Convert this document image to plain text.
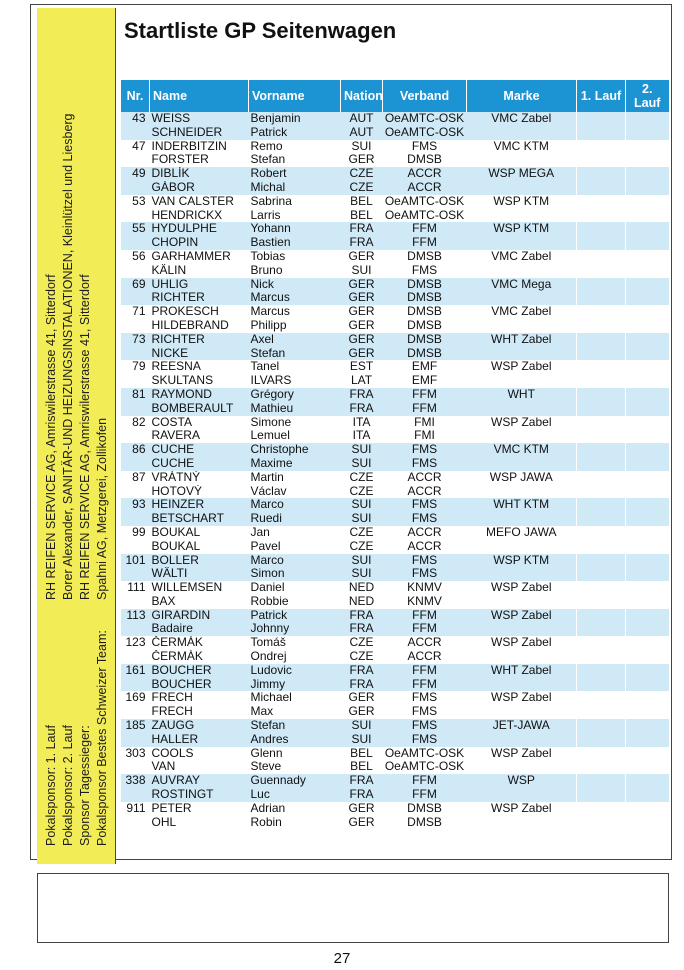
Pokalsponsor: 1. Lauf
RH REIFEN SERVICE AG, Amriswilerstrasse 41, Sitterdorf
Pokalsponsor: 2. Lauf
Borer Alexander, SANITÄR-UND HEIZUNGSINSTALATIONEN, Kleinlützel und Liesberg
Sponsor Tagessieger:
RH REIFEN SERVICE AG, Amriswilerstrasse 41, Sitterdorf
Pokalsponsor Bestes Schweizer Team:
Spahni AG, Metzgerei, Zollikofen
Startliste GP Seitenwagen
Nr.	Name	Vorname	Nation	Verband	Marke	1. Lauf	2. Lauf
43	WEISS	Benjamin	AUT	OeAMTC-OSK	VMC Zabel		
	SCHNEIDER	Patrick	AUT	OeAMTC-OSK			
47	INDERBITZIN	Remo	SUI	FMS	VMC KTM		
	FORSTER	Stefan	GER	DMSB			
49	DIBLÍK	Robert	CZE	ACCR	WSP MEGA		
	GÁBOR	Michal	CZE	ACCR			
53	VAN CALSTER	Sabrina	BEL	OeAMTC-OSK	WSP KTM		
	HENDRICKX	Larris	BEL	OeAMTC-OSK			
55	HYDULPHE	Yohann	FRA	FFM	WSP KTM		
	CHOPIN	Bastien	FRA	FFM			
56	GARHAMMER	Tobias	GER	DMSB	VMC Zabel		
	KÄLIN	Bruno	SUI	FMS			
69	UHLIG	Nick	GER	DMSB	VMC Mega		
	RICHTER	Marcus	GER	DMSB			
71	PROKESCH	Marcus	GER	DMSB	VMC Zabel		
	HILDEBRAND	Philipp	GER	DMSB			
73	RICHTER	Axel	GER	DMSB	WHT Zabel		
	NICKE	Stefan	GER	DMSB			
79	REESNA	Tanel	EST	EMF	WSP Zabel		
	SKULTANS	ILVARS	LAT	EMF			
81	RAYMOND	Grégory	FRA	FFM	WHT		
	BOMBERAULT	Mathieu	FRA	FFM			
82	COSTA	Simone	ITA	FMI	WSP Zabel		
	RAVERA	Lemuel	ITA	FMI			
86	CUCHE	Christophe	SUI	FMS	VMC KTM		
	CUCHE	Maxime	SUI	FMS			
87	VRÁTNÝ	Martin	CZE	ACCR	WSP JAWA		
	HOTOVÝ	Václav	CZE	ACCR			
93	HEINZER	Marco	SUI	FMS	WHT KTM		
	BETSCHART	Ruedi	SUI	FMS			
99	BOUKAL	Jan	CZE	ACCR	MEFO JAWA		
	BOUKAL	Pavel	CZE	ACCR			
101	BOLLER	Marco	SUI	FMS	WSP KTM		
	WÄLTI	Simon	SUI	FMS			
111	WILLEMSEN	Daniel	NED	KNMV	WSP Zabel		
	BAX	Robbie	NED	KNMV			
113	GIRARDIN	Patrick	FRA	FFM	WSP Zabel		
	Badaire	Johnny	FRA	FFM			
123	ČERMÁK	Tomáš	CZE	ACCR	WSP Zabel		
	ČERMÁK	Ondrej	CZE	ACCR			
161	BOUCHER	Ludovic	FRA	FFM	WHT Zabel		
	BOUCHER	Jimmy	FRA	FFM			
169	FRECH	Michael	GER	FMS	WSP Zabel		
	FRECH	Max	GER	FMS			
185	ZAUGG	Stefan	SUI	FMS	JET-JAWA		
	HALLER	Andres	SUI	FMS			
303	COOLS	Glenn	BEL	OeAMTC-OSK	WSP Zabel		
	VAN	Steve	BEL	OeAMTC-OSK			
338	AUVRAY	Guennady	FRA	FFM	WSP		
	ROSTINGT	Luc	FRA	FFM			
911	PETER	Adrian	GER	DMSB	WSP Zabel		
	OHL	Robin	GER	DMSB			
27
